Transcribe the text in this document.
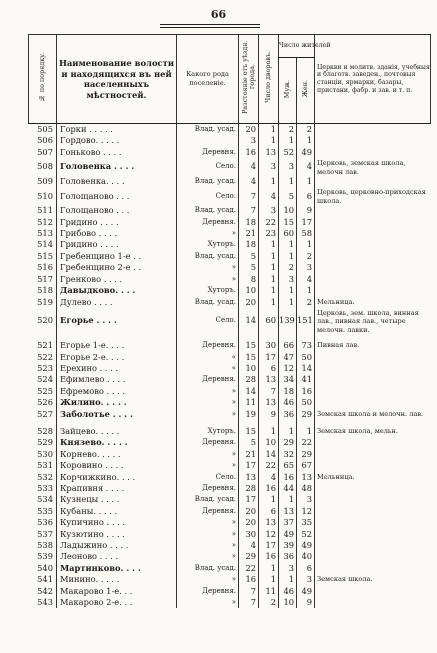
66
№ по порядку.	Наименование волости и находящихся въ ней населенныхъ мѣстностей.	Какого рода поселеніе.	Разстояніе отъ уѣздн. города.	Число дворовъ.	Число жителей		Церкви и молитв. зданія, учебныя и благотв. заведен., почтовыя станціи, ярмарки, базары, пристани, фабр. и зав. и т. п.
					Муж.	Жен.	
505	Горки . . . . .	Влад. усад.	20	1	2	2	
506	Гордово. . . . .		3	1	1	1	
507	Гоньково . . . .	Деревня.	16	13	52	49	
508	Головенка . . . .	Село.	4	3	3	4	Церковь, земская школа, мелочн лав.
509	Головенка. . . .	Влад. усад.	4	1	1	1	
510	Голощаново . . .	Село.	7	4	5	6	Церковь, церковно-приходская школа.
511	Голощаново . . .	Влад. усад.	7	3	10	9	
512	Гридино . . . .	Деревня.	18	22	15	17	
513	Грибово . . . .	»	21	23	60	58	
514	Гридино . . . .	Хуторъ.	18	1	1	1	
515	Гребенщино 1-е . .	Влад. усад.	5	1	1	2	
516	Гребенщино 2-е . .	»	5	1	2	3	
517	Гренково . . . .	»	8	1	3	4	
518	Давыдково. . . .	Хуторъ.	10	1	1	1	
519	Дулево . . . .	Влад. усад.	20	1	1	2	Мельница.
520	Егорье . . . .	Село.	14	60	139	151	Церковь, зем. школа, винная лав., пивная лав., четыре мелочн. лавки.

521	Егорье 1-е. . . .	Деревня.	15	30	66	73	Пивная лав.
522	Егорье 2-е. . . .	«	15	17	47	50	
523	Ерехино . . . .	«	10	6	12	14	
524	Ефимлево . . . .	Деревня.	28	13	34	41	
525	Ефремово . . . .	»	14	7	18	16	
526	Жилино. . . . .	»	11	13	46	50	
527	Заболотье . . . .	»	19	9	36	29	Земская школа и мелочн. лав.

528	Зайцево. . . . .	Хуторъ.	15	1	1	1	Земская школа, мельн.
529	Князево. . . . .	Деревня.	5	10	29	22	
530	Корнево. . . . .	»	21	14	32	29	
531	Коровино . . . .	»	17	22	65	67	
532	Корчижкино. . . .	Село.	13	4	16	13	Мельница.
533	Крапивня . . . .	Деревня.	28	16	44	48	
534	Кузнецы . . . .	Влад. усад.	17	1	1	3	
535	Кубаны. . . . .	Деревня.	20	6	13	12	
536	Купичино . . . .	»	20	13	37	35	
537	Кузютино . . . .	»	30	12	49	52	
538	Ладыжино . . . .	»	4	17	39	49	
539	Леоново . . . .	»	29	16	36	40	
540	Мартинково. . . .	Влад. усад.	22	1	3	6	
541	Минино. . . . .	»	16	1	1	3	Земская школа.
542	Макарово 1-е. . .	Деревня.	7	11	46	49	
543	Макарово 2-е. . .	»	7	2	10	9	
